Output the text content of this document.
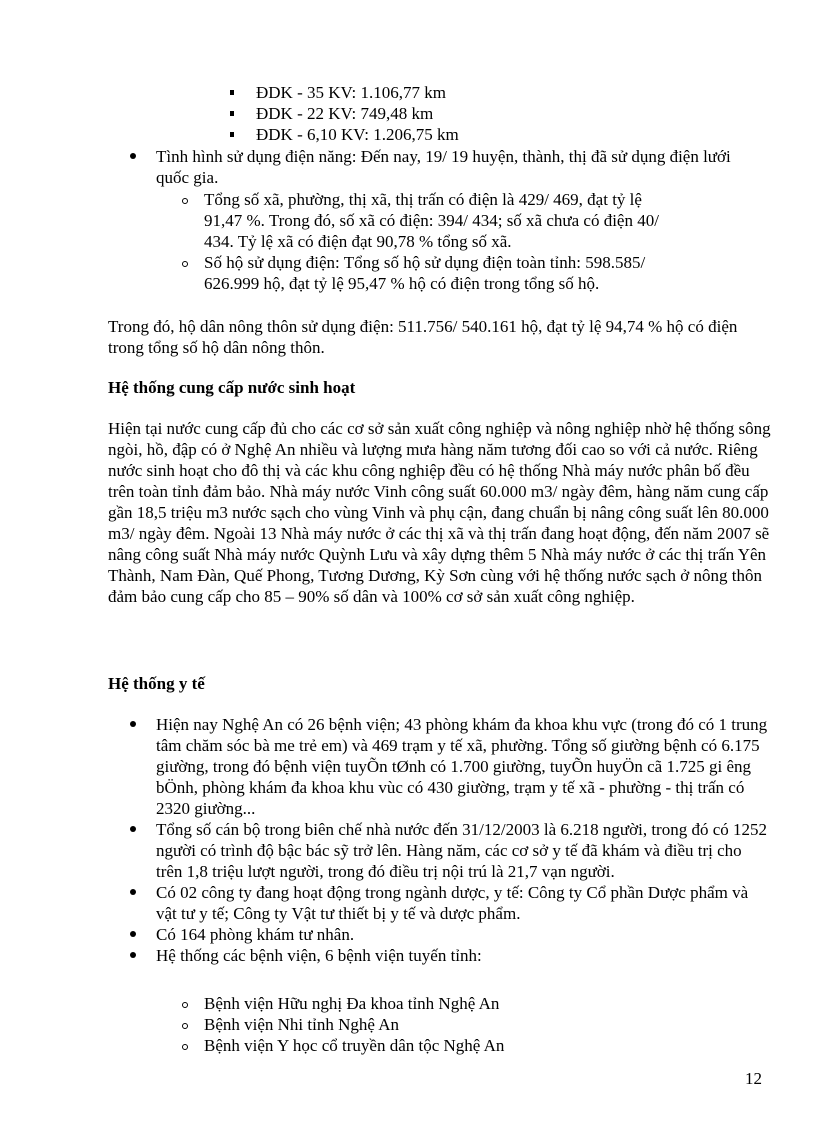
ĐDK - 35 KV: 1.106,77 km
ĐDK - 22 KV: 749,48 km
ĐDK - 6,10 KV: 1.206,75 km
Tình hình sử dụng điện năng: Đến nay, 19/ 19 huyện, thành, thị đã sử dụng điện lưới quốc gia.
Tổng số xã, phường, thị xã, thị trấn có điện là 429/ 469, đạt tỷ lệ 91,47 %. Trong đó, số xã có điện: 394/ 434; số xã chưa có điện 40/ 434. Tỷ lệ xã có điện đạt 90,78 % tổng số xã.
Số hộ sử dụng điện: Tổng số hộ sử dụng điện toàn tỉnh: 598.585/ 626.999 hộ, đạt tỷ lệ 95,47 % hộ có điện trong tổng số hộ.

Trong đó, hộ dân nông thôn sử dụng điện: 511.756/ 540.161 hộ, đạt tỷ lệ 94,74 % hộ có điện trong tổng số hộ dân nông thôn.

Hệ thống cung cấp nước sinh hoạt

Hiện tại nước cung cấp đủ cho các cơ sở sản xuất công nghiệp và nông nghiệp nhờ hệ thống sông ngòi, hồ, đập có ở Nghệ An nhiều và lượng mưa hàng năm tương đối cao so với cả nước. Riêng nước sinh hoạt cho đô thị và các khu công nghiệp đều có hệ thống Nhà máy nước phân bố đều trên toàn tỉnh đảm bảo. Nhà máy nước Vinh công suất 60.000 m3/ ngày đêm, hàng năm cung cấp gần 18,5 triệu m3 nước sạch cho vùng Vinh và phụ cận, đang chuẩn bị nâng công suất lên 80.000 m3/ ngày đêm. Ngoài 13 Nhà máy nước ở các thị xã và thị trấn đang hoạt động, đến năm 2007 sẽ nâng công suất Nhà máy nước Quỳnh Lưu và xây dựng thêm 5 Nhà máy nước ở các thị trấn Yên Thành, Nam Đàn, Quế Phong, Tương Dương, Kỳ Sơn cùng với hệ thống nước sạch ở nông thôn đảm bảo cung cấp cho 85 – 90% số dân và 100% cơ sở sản xuất công nghiệp.

Hệ thống y tế
Hiện nay Nghệ An có 26 bệnh viện; 43 phòng khám đa khoa khu vực (trong đó có 1 trung tâm chăm sóc bà me trẻ em) và 469 trạm y tế xã, phường. Tổng số giường bệnh có 6.175 giường, trong đó bệnh viện tuyÕn tØnh có 1.700 giường, tuyÕn huyÖn cã 1.725 gi êng bÖnh, phòng khám đa khoa khu vùc có 430 giường, trạm y tế xã - phường - thị trấn có 2320 giường...
Tổng số cán bộ trong biên chế nhà nước đến 31/12/2003 là 6.218 người, trong đó có 1252 người có trình độ bậc bác sỹ trở lên. Hàng năm, các cơ sở y tế đã khám và điều trị cho trên 1,8 triệu lượt người, trong đó điều trị nội trú là 21,7 vạn người.
Có 02 công ty đang hoạt động trong ngành dược, y tế: Công ty Cổ phần Dược phẩm và vật tư y tế; Công ty Vật tư thiết bị y tế và dược phẩm.
Có 164 phòng khám tư nhân.
Hệ thống các bệnh viện, 6 bệnh viện tuyến tỉnh:
Bệnh viện Hữu nghị Đa khoa tỉnh Nghệ An
Bệnh viện Nhi tỉnh Nghệ An
Bệnh viện Y học cổ truyền dân tộc Nghệ An
12
